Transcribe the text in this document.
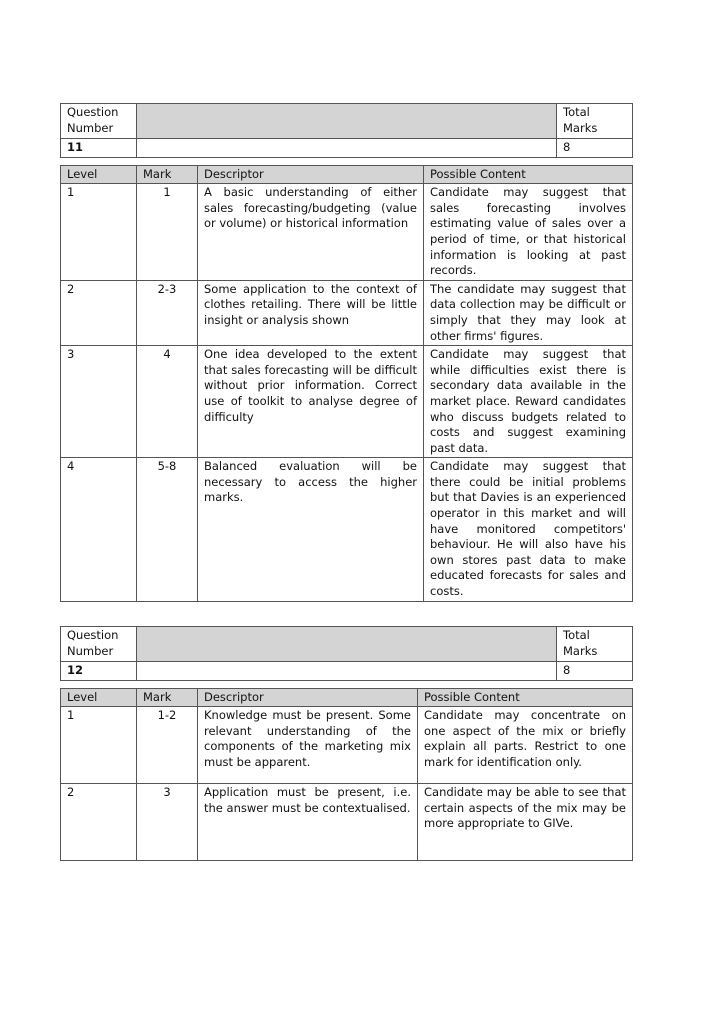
Question
Number		Total
Marks
11		8
Level	Mark	Descriptor	Possible Content
1	1	A basic understanding of either sales forecasting/budgeting (value or volume) or historical information	Candidate may suggest that sales forecasting involves estimating value of sales over a period of time, or that historical information is looking at past records.
2	2-3	Some application to the context of clothes retailing. There will be little insight or analysis shown	The candidate may suggest that data collection may be difficult or simply that they may look at other firms' figures.
3	4	One idea developed to the extent that sales forecasting will be difficult without prior information. Correct use of toolkit to analyse degree of difficulty	Candidate may suggest that while difficulties exist there is secondary data available in the market place. Reward candidates who discuss budgets related to costs and suggest examining past data.
4	5-8	Balanced evaluation will be necessary to access the higher marks.	Candidate may suggest that there could be initial problems but that Davies is an experienced operator in this market and will have monitored competitors' behaviour. He will also have his own stores past data to make educated forecasts for sales and costs.
Question
Number		Total
Marks
12		8
Level	Mark	Descriptor	Possible Content
1	1-2	Knowledge must be present. Some relevant understanding of the components of the marketing mix must be apparent.	Candidate may concentrate on one aspect of the mix or briefly explain all parts. Restrict to one mark for identification only.
2	3	Application must be present, i.e. the answer must be contextualised.	Candidate may be able to see that certain aspects of the mix may be more appropriate to GIVe.
